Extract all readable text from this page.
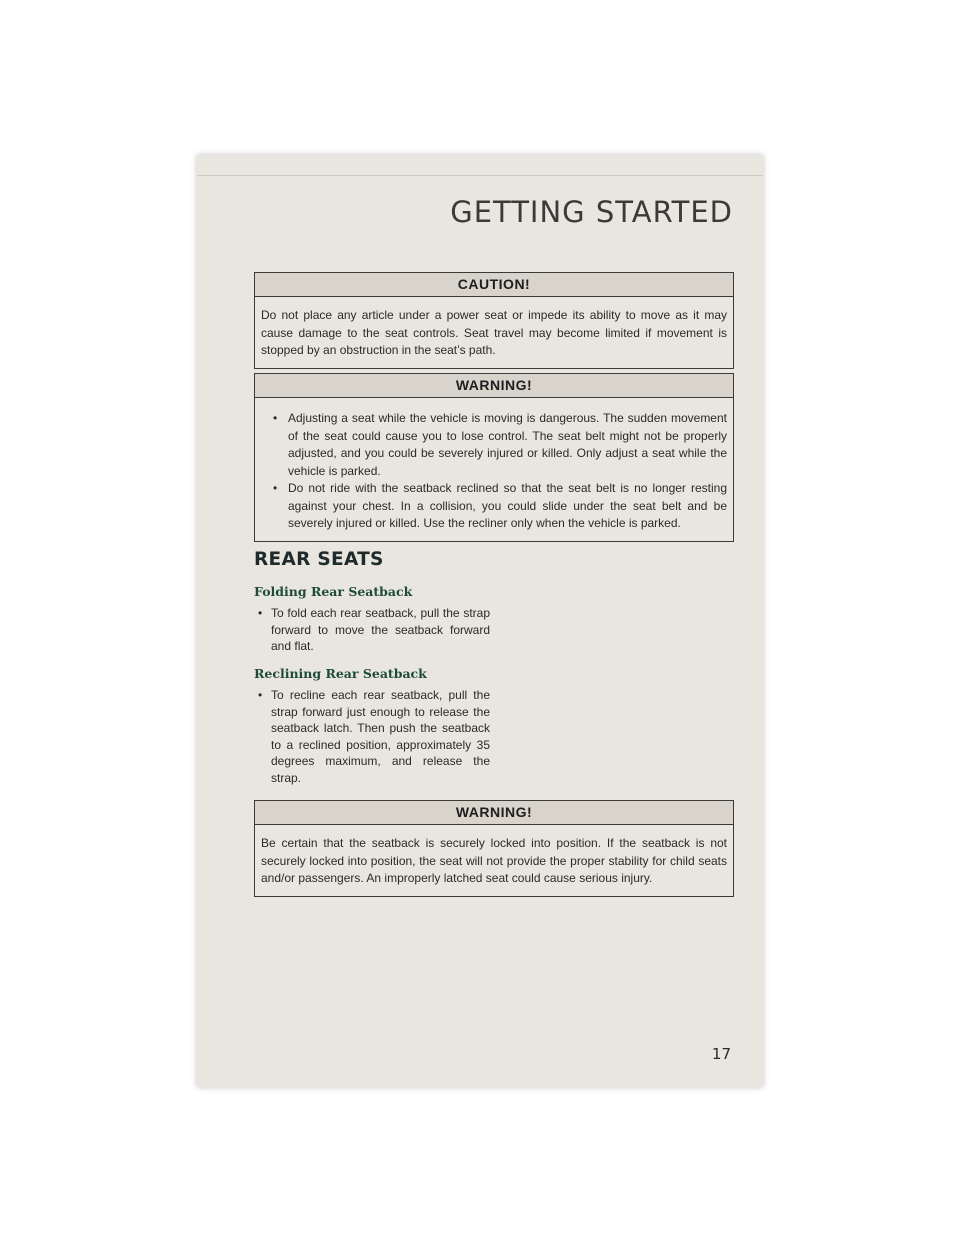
GETTING STARTED
CAUTION!
Do not place any article under a power seat or impede its ability to move as it may cause damage to the seat controls. Seat travel may become limited if movement is stopped by an obstruction in the seat’s path.
WARNING!
• Adjusting a seat while the vehicle is moving is dangerous. The sudden movement of the seat could cause you to lose control. The seat belt might not be properly adjusted, and you could be severely injured or killed. Only adjust a seat while the vehicle is parked.
• Do not ride with the seatback reclined so that the seat belt is no longer resting against your chest. In a collision, you could slide under the seat belt and be severely injured or killed. Use the recliner only when the vehicle is parked.
REAR SEATS
Folding Rear Seatback

• To fold each rear seatback, pull the strap forward to move the seatback forward and flat.

Reclining Rear Seatback

• To recline each rear seatback, pull the strap forward just enough to release the seatback latch. Then push the seatback to a reclined position, approximately 35 degrees maximum, and release the strap.

WARNING!
Be certain that the seatback is securely locked into position. If the seatback is not securely locked into position, the seat will not provide the proper stability for child seats and/or passengers. An improperly latched seat could cause serious injury.

17
